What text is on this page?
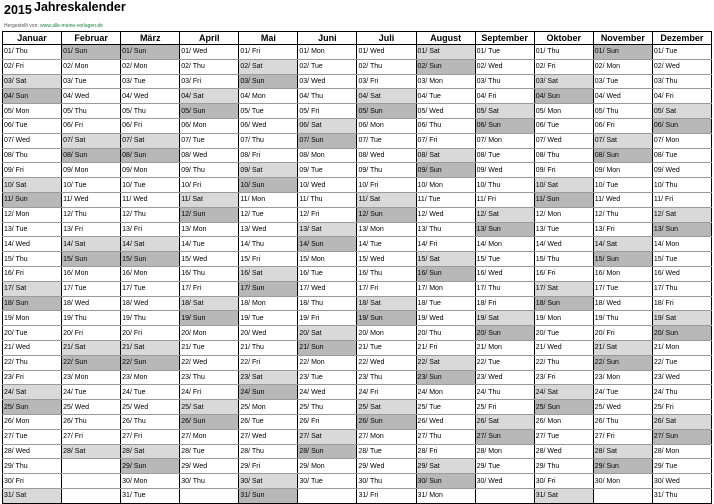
2015 Jahreskalender
Hergestellt von: www.alle-meine-vorlagen.de
Januar	Februar	März	April	Mai	Juni	Juli	August	September	Oktober	November	Dezember
01/ Thu	01/ Sun	01/ Sun	01/ Wed	01/ Fri	01/ Mon	01/ Wed	01/ Sat	01/ Tue	01/ Thu	01/ Sun	01/ Tue
02/ Fri	02/ Mon	02/ Mon	02/ Thu	02/ Sat	02/ Tue	02/ Thu	02/ Sun	02/ Wed	02/ Fri	02/ Mon	02/ Wed
03/ Sat	03/ Tue	03/ Tue	03/ Fri	03/ Sun	03/ Wed	03/ Fri	03/ Mon	03/ Thu	03/ Sat	03/ Tue	03/ Thu
04/ Sun	04/ Wed	04/ Wed	04/ Sat	04/ Mon	04/ Thu	04/ Sat	04/ Tue	04/ Fri	04/ Sun	04/ Wed	04/ Fri
05/ Mon	05/ Thu	05/ Thu	05/ Sun	05/ Tue	05/ Fri	05/ Sun	05/ Wed	05/ Sat	05/ Mon	05/ Thu	05/ Sat
06/ Tue	06/ Fri	06/ Fri	06/ Mon	06/ Wed	06/ Sat	06/ Mon	06/ Thu	06/ Sun	06/ Tue	06/ Fri	06/ Sun
07/ Wed	07/ Sat	07/ Sat	07/ Tue	07/ Thu	07/ Sun	07/ Tue	07/ Fri	07/ Mon	07/ Wed	07/ Sat	07/ Mon
08/ Thu	08/ Sun	08/ Sun	08/ Wed	08/ Fri	08/ Mon	08/ Wed	08/ Sat	08/ Tue	08/ Thu	08/ Sun	08/ Tue
09/ Fri	09/ Mon	09/ Mon	09/ Thu	09/ Sat	09/ Tue	09/ Thu	09/ Sun	09/ Wed	09/ Fri	09/ Mon	09/ Wed
10/ Sat	10/ Tue	10/ Tue	10/ Fri	10/ Sun	10/ Wed	10/ Fri	10/ Mon	10/ Thu	10/ Sat	10/ Tue	10/ Thu
11/ Sun	11/ Wed	11/ Wed	11/ Sat	11/ Mon	11/ Thu	11/ Sat	11/ Tue	11/ Fri	11/ Sun	11/ Wed	11/ Fri
12/ Mon	12/ Thu	12/ Thu	12/ Sun	12/ Tue	12/ Fri	12/ Sun	12/ Wed	12/ Sat	12/ Mon	12/ Thu	12/ Sat
13/ Tue	13/ Fri	13/ Fri	13/ Mon	13/ Wed	13/ Sat	13/ Mon	13/ Thu	13/ Sun	13/ Tue	13/ Fri	13/ Sun
14/ Wed	14/ Sat	14/ Sat	14/ Tue	14/ Thu	14/ Sun	14/ Tue	14/ Fri	14/ Mon	14/ Wed	14/ Sat	14/ Mon
15/ Thu	15/ Sun	15/ Sun	15/ Wed	15/ Fri	15/ Mon	15/ Wed	15/ Sat	15/ Tue	15/ Thu	15/ Sun	15/ Tue
16/ Fri	16/ Mon	16/ Mon	16/ Thu	16/ Sat	16/ Tue	16/ Thu	16/ Sun	16/ Wed	16/ Fri	16/ Mon	16/ Wed
17/ Sat	17/ Tue	17/ Tue	17/ Fri	17/ Sun	17/ Wed	17/ Fri	17/ Mon	17/ Thu	17/ Sat	17/ Tue	17/ Thu
18/ Sun	18/ Wed	18/ Wed	18/ Sat	18/ Mon	18/ Thu	18/ Sat	18/ Tue	18/ Fri	18/ Sun	18/ Wed	18/ Fri
19/ Mon	19/ Thu	19/ Thu	19/ Sun	19/ Tue	19/ Fri	19/ Sun	19/ Wed	19/ Sat	19/ Mon	19/ Thu	19/ Sat
20/ Tue	20/ Fri	20/ Fri	20/ Mon	20/ Wed	20/ Sat	20/ Mon	20/ Thu	20/ Sun	20/ Tue	20/ Fri	20/ Sun
21/ Wed	21/ Sat	21/ Sat	21/ Tue	21/ Thu	21/ Sun	21/ Tue	21/ Fri	21/ Mon	21/ Wed	21/ Sat	21/ Mon
22/ Thu	22/ Sun	22/ Sun	22/ Wed	22/ Fri	22/ Mon	22/ Wed	22/ Sat	22/ Tue	22/ Thu	22/ Sun	22/ Tue
23/ Fri	23/ Mon	23/ Mon	23/ Thu	23/ Sat	23/ Tue	23/ Thu	23/ Sun	23/ Wed	23/ Fri	23/ Mon	23/ Wed
24/ Sat	24/ Tue	24/ Tue	24/ Fri	24/ Sun	24/ Wed	24/ Fri	24/ Mon	24/ Thu	24/ Sat	24/ Tue	24/ Thu
25/ Sun	25/ Wed	25/ Wed	25/ Sat	25/ Mon	25/ Thu	25/ Sat	25/ Tue	25/ Fri	25/ Sun	25/ Wed	25/ Fri
26/ Mon	26/ Thu	26/ Thu	26/ Sun	26/ Tue	26/ Fri	26/ Sun	26/ Wed	26/ Sat	26/ Mon	26/ Thu	26/ Sat
27/ Tue	27/ Fri	27/ Fri	27/ Mon	27/ Wed	27/ Sat	27/ Mon	27/ Thu	27/ Sun	27/ Tue	27/ Fri	27/ Sun
28/ Wed	28/ Sat	28/ Sat	28/ Tue	28/ Thu	28/ Sun	28/ Tue	28/ Fri	28/ Mon	28/ Wed	28/ Sat	28/ Mon
29/ Thu		29/ Sun	29/ Wed	29/ Fri	29/ Mon	29/ Wed	29/ Sat	29/ Tue	29/ Thu	29/ Sun	29/ Tue
30/ Fri		30/ Mon	30/ Thu	30/ Sat	30/ Tue	30/ Thu	30/ Sun	30/ Wed	30/ Fri	30/ Mon	30/ Wed
31/ Sat		31/ Tue		31/ Sun		31/ Fri	31/ Mon		31/ Sat		31/ Thu
